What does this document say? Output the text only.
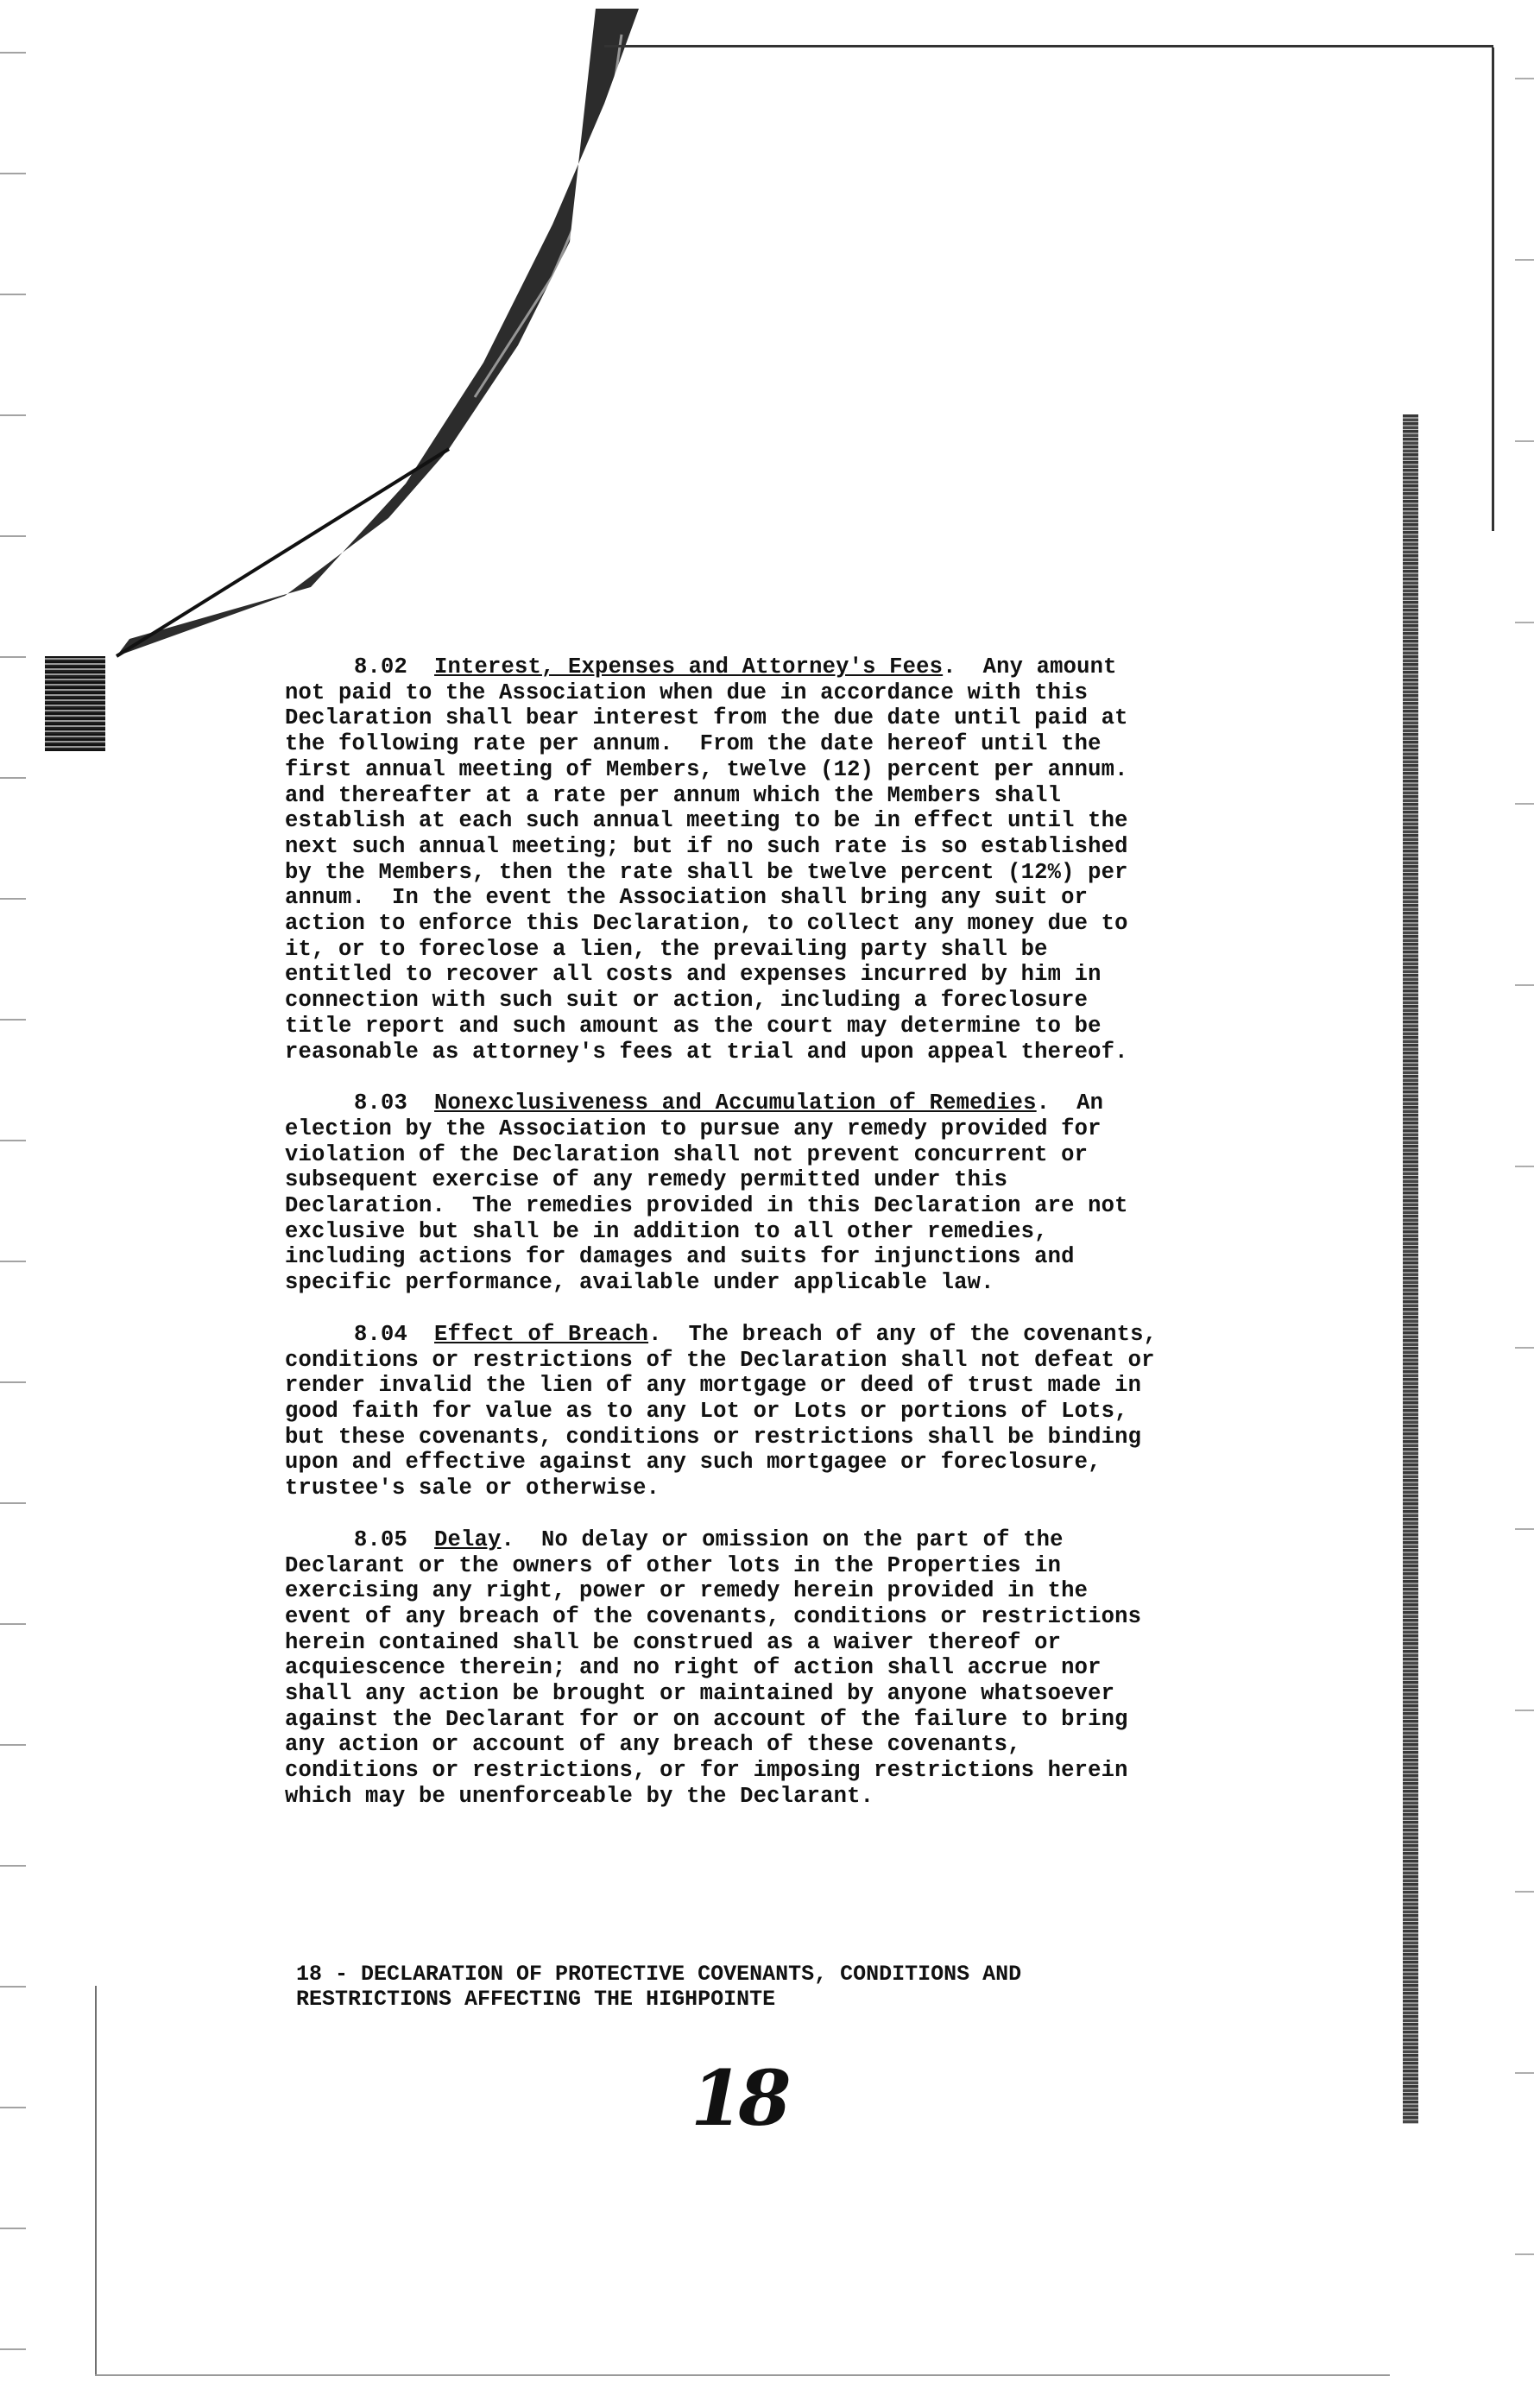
8.02 Interest, Expenses and Attorney's Fees.  Any amount
not paid to the Association when due in accordance with this
Declaration shall bear interest from the due date until paid at
the following rate per annum.  From the date hereof until the
first annual meeting of Members, twelve (12) percent per annum.
and thereafter at a rate per annum which the Members shall
establish at each such annual meeting to be in effect until the
next such annual meeting; but if no such rate is so established
by the Members, then the rate shall be twelve percent (12%) per
annum.  In the event the Association shall bring any suit or
action to enforce this Declaration, to collect any money due to
it, or to foreclose a lien, the prevailing party shall be
entitled to recover all costs and expenses incurred by him in
connection with such suit or action, including a foreclosure
title report and such amount as the court may determine to be
reasonable as attorney's fees at trial and upon appeal thereof.
8.03 Nonexclusiveness and Accumulation of Remedies.  An
election by the Association to pursue any remedy provided for
violation of the Declaration shall not prevent concurrent or
subsequent exercise of any remedy permitted under this
Declaration.  The remedies provided in this Declaration are not
exclusive but shall be in addition to all other remedies,
including actions for damages and suits for injunctions and
specific performance, available under applicable law.
8.04 Effect of Breach.  The breach of any of the covenants,
conditions or restrictions of the Declaration shall not defeat or
render invalid the lien of any mortgage or deed of trust made in
good faith for value as to any Lot or Lots or portions of Lots,
but these covenants, conditions or restrictions shall be binding
upon and effective against any such mortgagee or foreclosure,
trustee's sale or otherwise.
8.05 Delay.  No delay or omission on the part of the
Declarant or the owners of other lots in the Properties in
exercising any right, power or remedy herein provided in the
event of any breach of the covenants, conditions or restrictions
herein contained shall be construed as a waiver thereof or
acquiescence therein; and no right of action shall accrue nor
shall any action be brought or maintained by anyone whatsoever
against the Declarant for or on account of the failure to bring
any action or account of any breach of these covenants,
conditions or restrictions, or for imposing restrictions herein
which may be unenforceable by the Declarant.
18 - DECLARATION OF PROTECTIVE COVENANTS, CONDITIONS AND
RESTRICTIONS AFFECTING THE HIGHPOINTE
18
